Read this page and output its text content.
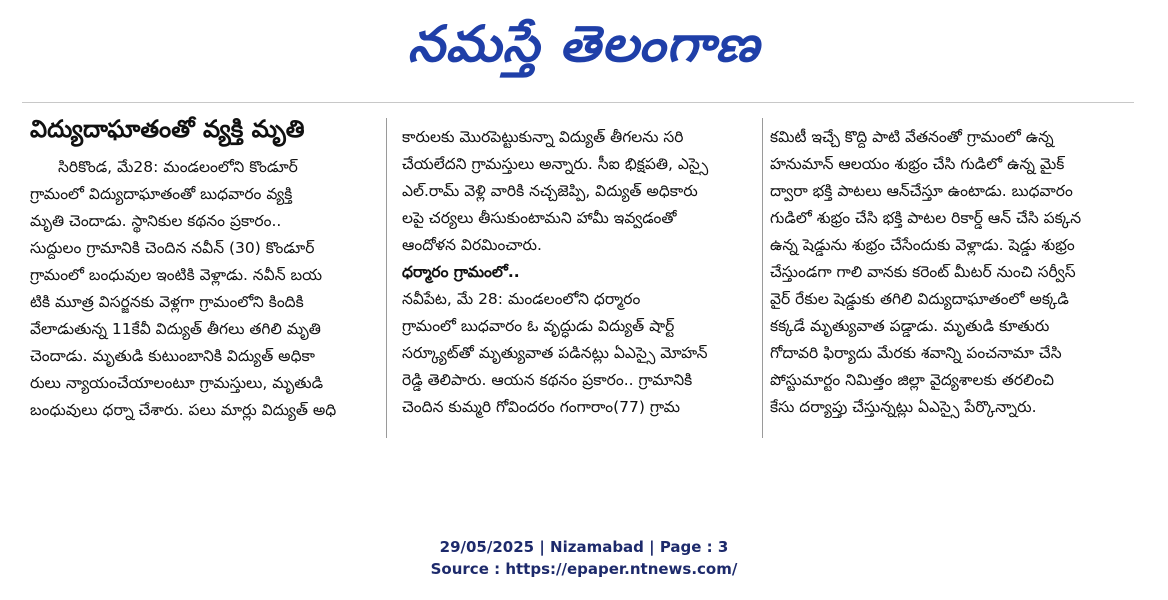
నమస్తే తెలంగాణ
విద్యుదాఘాతంతో వ్యక్తి మృతి
సిరికొండ, మే28: మండలంలోని కొండూర్
గ్రామంలో విద్యుదాఘాతంతో బుధవారం వ్యక్తి
మృతి చెందాడు. స్థానికుల కథనం ప్రకారం..
సుద్దులం గ్రామానికి చెందిన నవీన్ (30) కొండూర్
గ్రామంలో బంధువుల ఇంటికి వెళ్లాడు. నవీన్ బయ
టికి మూత్ర విసర్జనకు వెళ్లగా గ్రామంలోని కిందికి
వేలాడుతున్న 11కేవీ విద్యుత్ తీగలు తగిలి మృతి
చెందాడు. మృతుడి కుటుంబానికి విద్యుత్ అధికా
రులు న్యాయంచేయాలంటూ గ్రామస్తులు, మృతుడి
బంధువులు ధర్నా చేశారు. పలు మార్లు విద్యుత్ అధి
కారులకు మొరపెట్టుకున్నా విద్యుత్ తీగలను సరి
చేయలేదని గ్రామస్తులు అన్నారు. సీఐ భిక్షపతి, ఎస్సై
ఎల్.రామ్ వెళ్లి వారికి నచ్చజెప్పి, విద్యుత్ అధికారు
లపై చర్యలు తీసుకుంటామని హామీ ఇవ్వడంతో
ఆందోళన విరమించారు.
ధర్మారం గ్రామంలో..
నవీపేట, మే 28: మండలంలోని ధర్మారం
గ్రామంలో బుధవారం ఓ వృద్ధుడు విద్యుత్ షార్ట్
సర్క్యూట్‌తో మృత్యువాత పడినట్లు ఏఎస్సై మోహన్
రెడ్డి తెలిపారు. ఆయన కథనం ప్రకారం.. గ్రామానికి
చెందిన కుమ్మరి గోవిందరం గంగారాం(77) గ్రామ
కమిటీ ఇచ్చే కొద్ది పాటి వేతనంతో గ్రామంలో ఉన్న
హనుమాన్ ఆలయం శుభ్రం చేసి గుడిలో ఉన్న మైక్
ద్వారా భక్తి పాటలు ఆన్‌చేస్తూ ఉంటాడు. బుధవారం
గుడిలో శుభ్రం చేసి భక్తి పాటల రికార్డ్ ఆన్ చేసి పక్కన
ఉన్న షెడ్డును శుభ్రం చేసేందుకు వెళ్లాడు. షెడ్డు శుభ్రం
చేస్తుండగా గాలి వానకు కరెంట్ మీటర్ నుంచి సర్వీస్
వైర్ రేకుల షెడ్డుకు తగిలి విద్యుదాఘాతంలో అక్కడి
కక్కడే మృత్యువాత పడ్డాడు. మృతుడి కూతురు
గోదావరి ఫిర్యాదు మేరకు శవాన్ని పంచనామా చేసి
పోస్టుమార్టం నిమిత్తం జిల్లా వైద్యశాలకు తరలించి
కేసు దర్యాప్తు చేస్తున్నట్లు ఏఎస్సై పేర్కొన్నారు.
29/05/2025 | Nizamabad | Page : 3
Source : https://epaper.ntnews.com/
